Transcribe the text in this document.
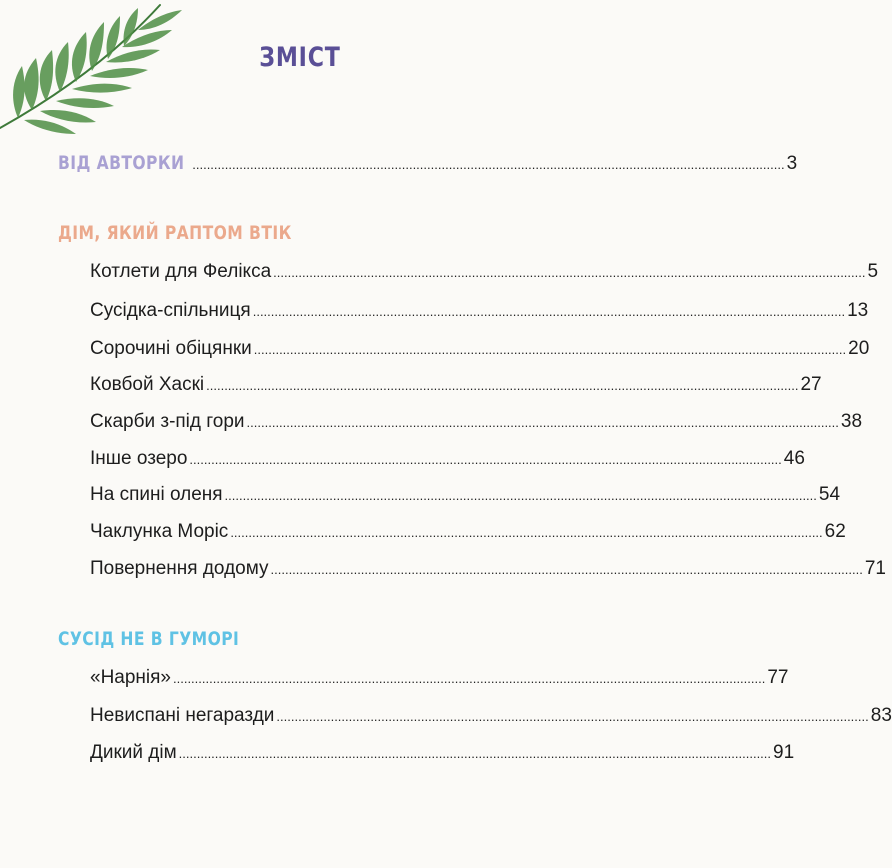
ЗМІСТ
ВІД АВТОРКИ .................................................................................................................................................................... 3
ДІМ, ЯКИЙ РАПТОМ ВТІК
Котлети для Фелікса .................................................................................................................................................................... 5
Сусідка-спільниця .................................................................................................................................................................... 13
Сорочині обіцянки .................................................................................................................................................................... 20
Ковбой Хаскі .................................................................................................................................................................... 27
Скарби з-під гори .................................................................................................................................................................... 38
Інше озеро .................................................................................................................................................................... 46
На спині оленя .................................................................................................................................................................... 54
Чаклунка Моріс .................................................................................................................................................................... 62
Повернення додому .................................................................................................................................................................... 71
СУСІД НЕ В ГУМОРІ
«Нарнія» .................................................................................................................................................................... 77
Невиспані негаразди .................................................................................................................................................................... 83
Дикий дім .................................................................................................................................................................... 91
